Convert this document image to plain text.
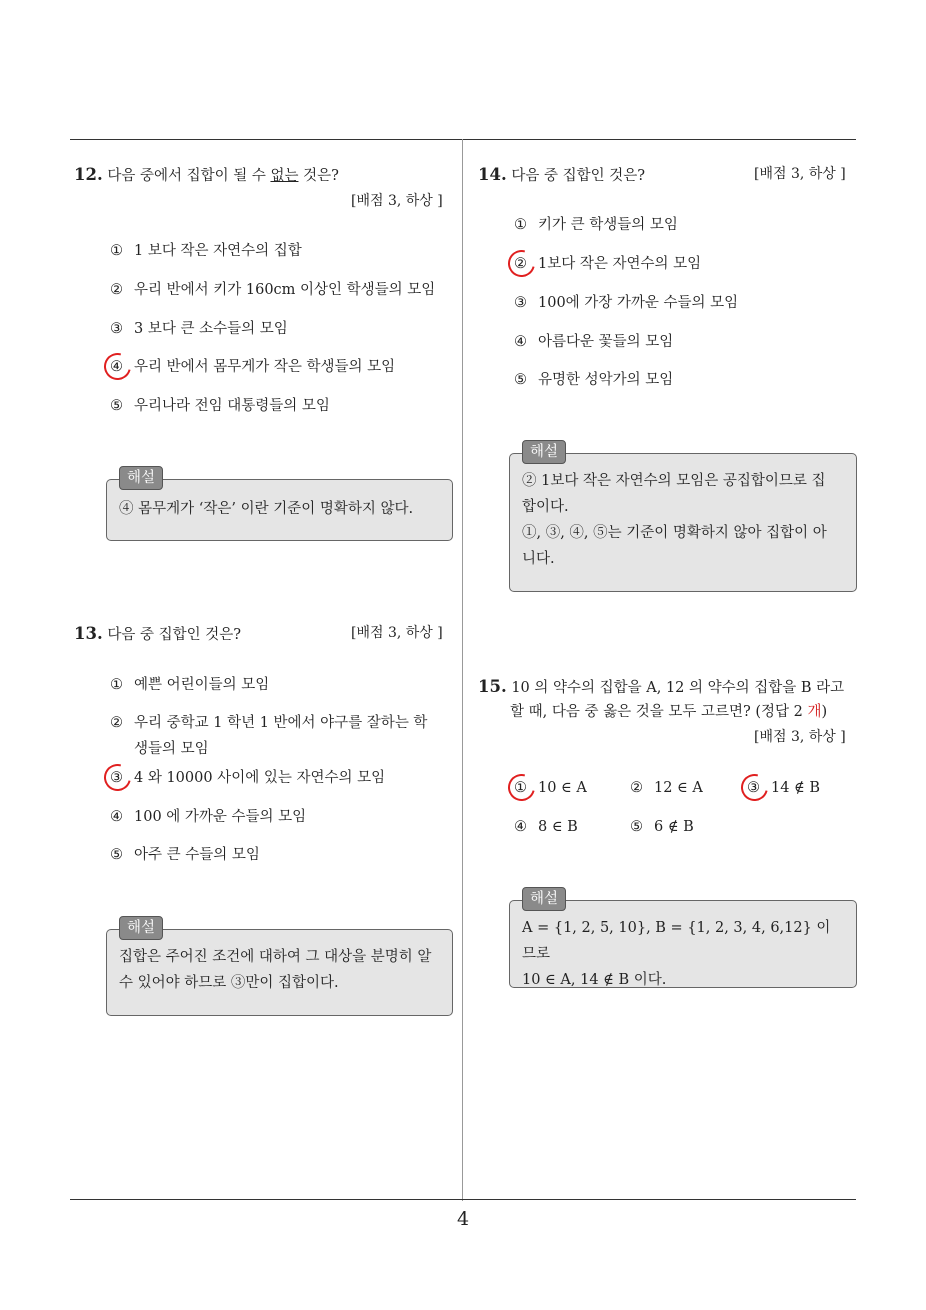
4
12. 다음 중에서 집합이 될 수 없는 것은?
[배점 3, 하상 ]
① 1 보다 작은 자연수의 집합
② 우리 반에서 키가 160cm 이상인 학생들의 모임
③ 3 보다 큰 소수들의 모임
④ 우리 반에서 몸무게가 작은 학생들의 모임
⑤ 우리나라 전임 대통령들의 모임
해설
④ 몸무게가 ‘작은’ 이란 기준이 명확하지 않다.
13. 다음 중 집합인 것은?	[배점 3, 하상 ]
① 예쁜 어린이들의 모임
② 우리 중학교 1 학년 1 반에서 야구를 잘하는 학
생들의 모임
③ 4 와 10000 사이에 있는 자연수의 모임
④ 100 에 가까운 수들의 모임
⑤ 아주 큰 수들의 모임
해설
집합은 주어진 조건에 대하여 그 대상을 분명히 알
수 있어야 하므로 ③만이 집합이다.
14. 다음 중 집합인 것은?	[배점 3, 하상 ]
① 키가 큰 학생들의 모임
② 1보다 작은 자연수의 모임
③ 100에 가장 가까운 수들의 모임
④ 아름다운 꽃들의 모임
⑤ 유명한 성악가의 모임
해설
② 1보다 작은 자연수의 모임은 공집합이므로 집
합이다.
①, ③, ④, ⑤는 기준이 명확하지 않아 집합이 아
니다.
15. 10 의 약수의 집합을 A, 12 의 약수의 집합을 B 라고
할 때, 다음 중 옳은 것을 모두 고르면? (정답 2 개)
[배점 3, 하상 ]
① 10 ∈ A	② 12 ∈ A	③ 14 ∉ B
④ 8 ∈ B	⑤ 6 ∉ B
해설
A = {1, 2, 5, 10}, B = {1, 2, 3, 4, 6,12} 이므로
10 ∈ A, 14 ∉ B 이다.
